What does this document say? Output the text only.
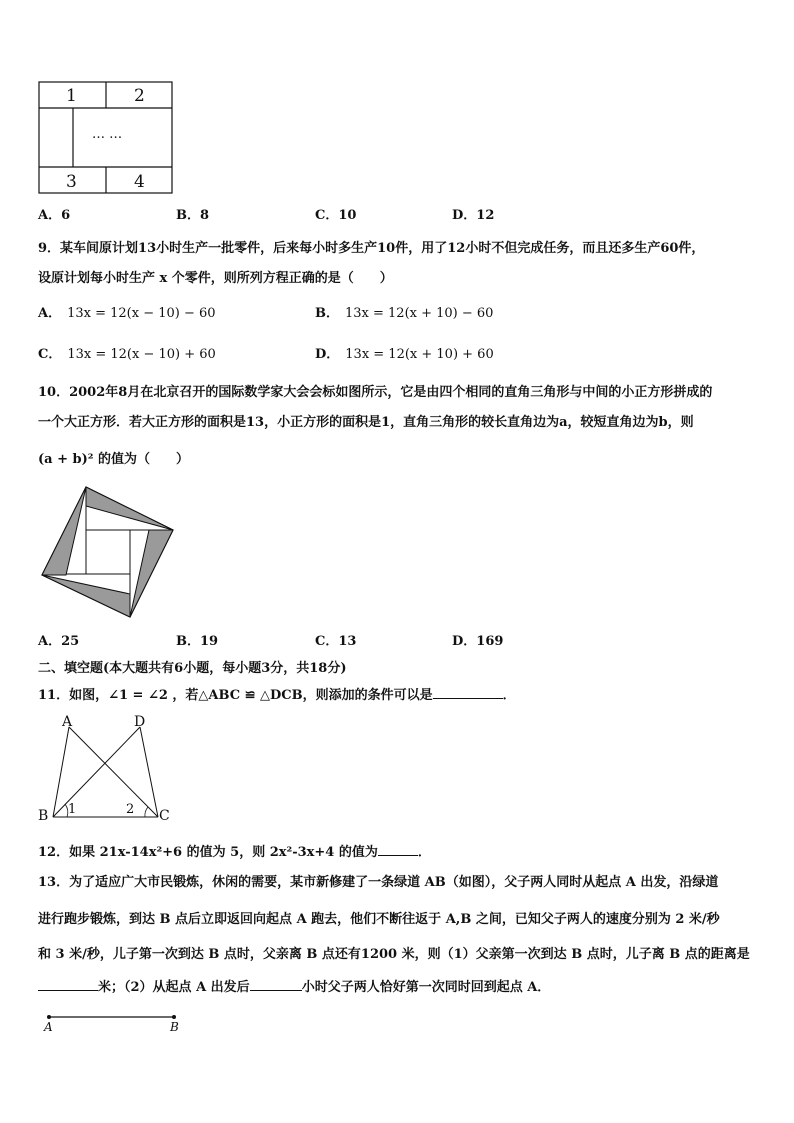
1	2
… …
3	4
A．6	B．8	C．10	D．12
9．某车间原计划13小时生产一批零件，后来每小时多生产10件，用了12小时不但完成任务，而且还多生产60件，
设原计划每小时生产 x 个零件，则所列方程正确的是（　　）
A． 13x = 12(x − 10) − 60	B． 13x = 12(x + 10) − 60
C． 13x = 12(x − 10) + 60	D． 13x = 12(x + 10) + 60
10．2002年8月在北京召开的国际数学家大会会标如图所示，它是由四个相同的直角三角形与中间的小正方形拼成的
一个大正方形．若大正方形的面积是13，小正方形的面积是1，直角三角形的较长直角边为a，较短直角边为b，则
(a + b)² 的值为（　　）
A．25	B．19	C．13	D．169
二、填空题(本大题共有6小题，每小题3分，共18分)
11．如图，∠1 = ∠2 ，若△ABC ≌ △DCB，则添加的条件可以是	．
A	D
B	C
1	2
12．如果 21x-14x²+6 的值为 5，则 2x²-3x+4 的值为	．
13．为了适应广大市民锻炼，休闲的需要，某市新修建了一条绿道 AB（如图），父子两人同时从起点 A 出发，沿绿道
进行跑步锻炼，到达 B 点后立即返回向起点 A 跑去，他们不断往返于 A,B 之间，已知父子两人的速度分别为 2 米/秒
和 3 米/秒，儿子第一次到达 B 点时，父亲离 B 点还有1200 米，则（1）父亲第一次到达 B 点时，儿子离 B 点的距离是
米；（2）从起点 A 出发后	小时父子两人恰好第一次同时回到起点 A．
A	B
